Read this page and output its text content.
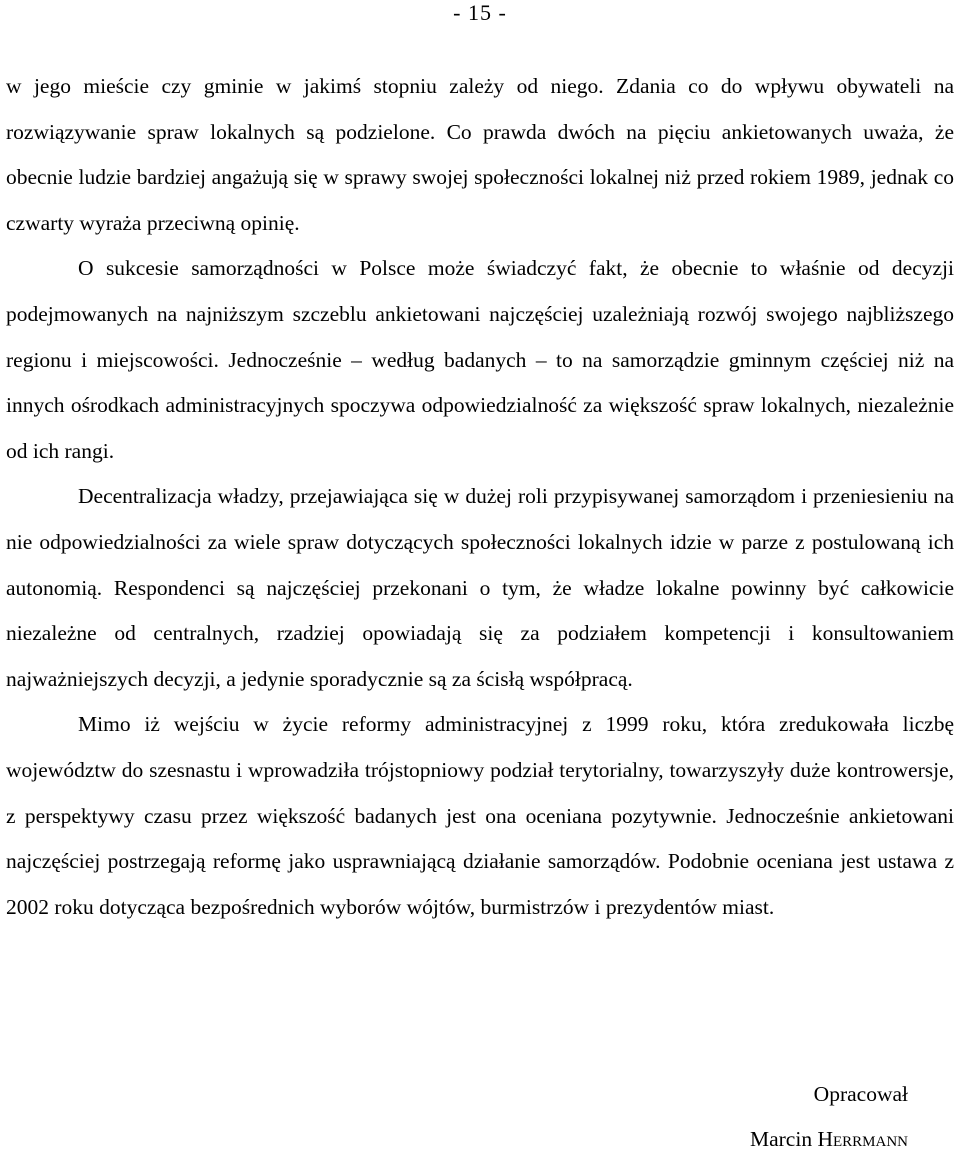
- 15 -

w jego mieście czy gminie w jakimś stopniu zależy od niego. Zdania co do wpływu obywateli na rozwiązywanie spraw lokalnych są podzielone. Co prawda dwóch na pięciu ankietowanych uważa, że obecnie ludzie bardziej angażują się w sprawy swojej społeczności lokalnej niż przed rokiem 1989, jednak co czwarty wyraża przeciwną opinię.

O sukcesie samorządności w Polsce może świadczyć fakt, że obecnie to właśnie od decyzji podejmowanych na najniższym szczeblu ankietowani najczęściej uzależniają rozwój swojego najbliższego regionu i miejscowości. Jednocześnie – według badanych – to na samorządzie gminnym częściej niż na innych ośrodkach administracyjnych spoczywa odpowiedzialność za większość spraw lokalnych, niezależnie od ich rangi.

Decentralizacja władzy, przejawiająca się w dużej roli przypisywanej samorządom i przeniesieniu na nie odpowiedzialności za wiele spraw dotyczących społeczności lokalnych idzie w parze z postulowaną ich autonomią. Respondenci są najczęściej przekonani o tym, że władze lokalne powinny być całkowicie niezależne od centralnych, rzadziej opowiadają się za podziałem kompetencji i konsultowaniem najważniejszych decyzji, a jedynie sporadycznie są za ścisłą współpracą.

Mimo iż wejściu w życie reformy administracyjnej z 1999 roku, która zredukowała liczbę województw do szesnastu i wprowadziła trójstopniowy podział terytorialny, towarzyszyły duże kontrowersje, z perspektywy czasu przez większość badanych jest ona oceniana pozytywnie. Jednocześnie ankietowani najczęściej postrzegają reformę jako usprawniającą działanie samorządów. Podobnie oceniana jest ustawa z 2002 roku dotycząca bezpośrednich wyborów wójtów, burmistrzów i prezydentów miast.

Opracował
Marcin Herrmann
